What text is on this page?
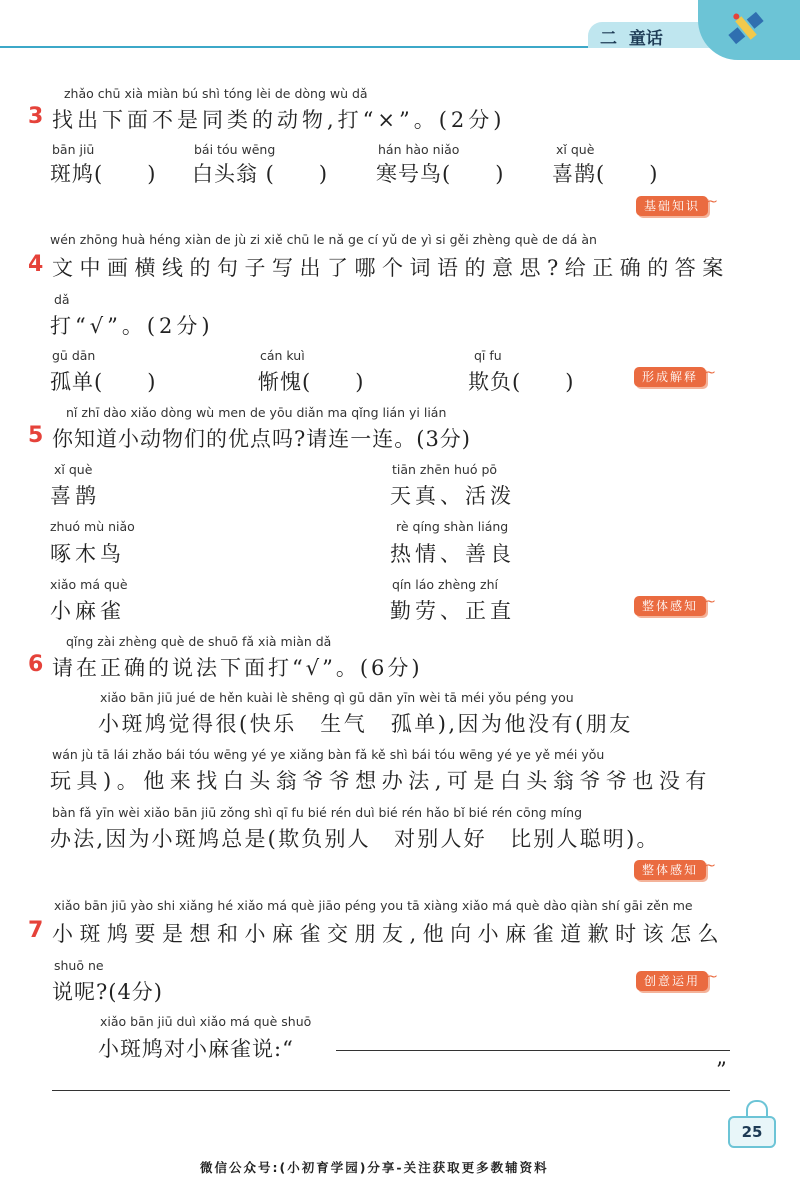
二 童话
zhǎo chū xià miàn bú shì tóng lèi de dòng wù dǎ
3 找出下面不是同类的动物,打“×”。(2分)
bān jiū
斑鸠(　　)
bái tóu wēng
白头翁 (　　)
hán hào niǎo
寒号鸟(　　)
xǐ què
喜鹊(　　)
基础知识 ~
wén zhōng huà héng xiàn de jù zi xiě chū le nǎ ge cí yǔ de yì si gěi zhèng què de dá àn
4 文中画横线的句子写出了哪个词语的意思?给正确的答案
dǎ
打“√”。(2分)
gū dān
孤单(　　)
cán kuì
惭愧(　　)
qī fu
欺负(　　)	形成解释 ~
nǐ zhī dào xiǎo dòng wù men de yōu diǎn ma qǐng lián yi lián
5 你知道小动物们的优点吗?请连一连。(3分)
xǐ què
喜鹊
zhuó mù niǎo
啄木鸟
xiǎo má què
小麻雀
tiān zhēn huó pō
天真、活泼
rè qíng shàn liáng
热情、善良
qín láo zhèng zhí
勤劳、正直	整体感知 ~
qǐng zài zhèng què de shuō fǎ xià miàn dǎ
6 请在正确的说法下面打“√”。(6分)
xiǎo bān jiū jué de hěn kuài lè shēng qì gū dān yīn wèi tā méi yǒu péng you
小斑鸠觉得很(快乐　生气　孤单),因为他没有(朋友
wán jù tā lái zhǎo bái tóu wēng yé ye xiǎng bàn fǎ kě shì bái tóu wēng yé ye yě méi yǒu
玩具)。他来找白头翁爷爷想办法,可是白头翁爷爷也没有
bàn fǎ yīn wèi xiǎo bān jiū zǒng shì qī fu bié rén duì bié rén hǎo bǐ bié rén cōng míng
办法,因为小斑鸠总是(欺负别人　对别人好　比别人聪明)。
整体感知 ~
xiǎo bān jiū yào shi xiǎng hé xiǎo má què jiāo péng you tā xiàng xiǎo má què dào qiàn shí gāi zěn me
7 小斑鸠要是想和小麻雀交朋友,他向小麻雀道歉时该怎么
shuō ne
说呢?(4分)	创意运用 ~
xiǎo bān jiū duì xiǎo má què shuō
小斑鸠对小麻雀说:“
”
25
微信公众号:(小初育学园)分享-关注获取更多教辅资料
